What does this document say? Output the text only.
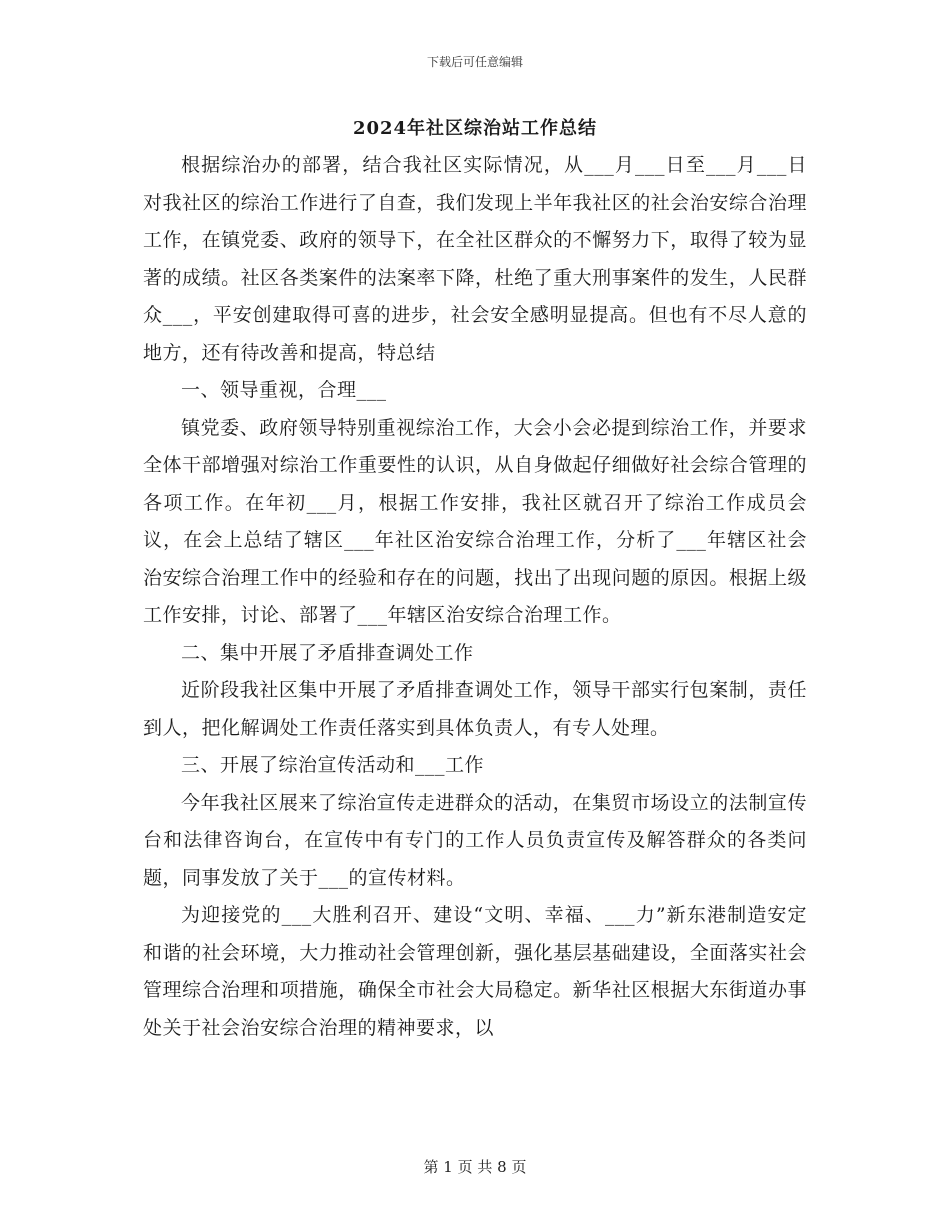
下载后可任意编辑
2024年社区综治站工作总结

根据综治办的部署，结合我社区实际情况，从___月___日至___月___日对我社区的综治工作进行了自查，我们发现上半年我社区的社会治安综合治理工作，在镇党委、政府的领导下，在全社区群众的不懈努力下，取得了较为显著的成绩。社区各类案件的法案率下降，杜绝了重大刑事案件的发生，人民群众___，平安创建取得可喜的进步，社会安全感明显提高。但也有不尽人意的地方，还有待改善和提高，特总结

一、领导重视，合理___

镇党委、政府领导特别重视综治工作，大会小会必提到综治工作，并要求全体干部增强对综治工作重要性的认识，从自身做起仔细做好社会综合管理的各项工作。在年初___月，根据工作安排，我社区就召开了综治工作成员会议，在会上总结了辖区___年社区治安综合治理工作，分析了___年辖区社会治安综合治理工作中的经验和存在的问题，找出了出现问题的原因。根据上级工作安排，讨论、部署了___年辖区治安综合治理工作。

二、集中开展了矛盾排查调处工作

近阶段我社区集中开展了矛盾排查调处工作，领导干部实行包案制，责任到人，把化解调处工作责任落实到具体负责人，有专人处理。

三、开展了综治宣传活动和___工作

今年我社区展来了综治宣传走进群众的活动，在集贸市场设立的法制宣传台和法律咨询台，在宣传中有专门的工作人员负责宣传及解答群众的各类问题，同事发放了关于___的宣传材料。

为迎接党的___大胜利召开、建设“文明、幸福、___力”新东港制造安定和谐的社会环境，大力推动社会管理创新，强化基层基础建设，全面落实社会管理综合治理和项措施，确保全市社会大局稳定。新华社区根据大东街道办事处关于社会治安综合治理的精神要求，以

第 1 页 共 8 页
